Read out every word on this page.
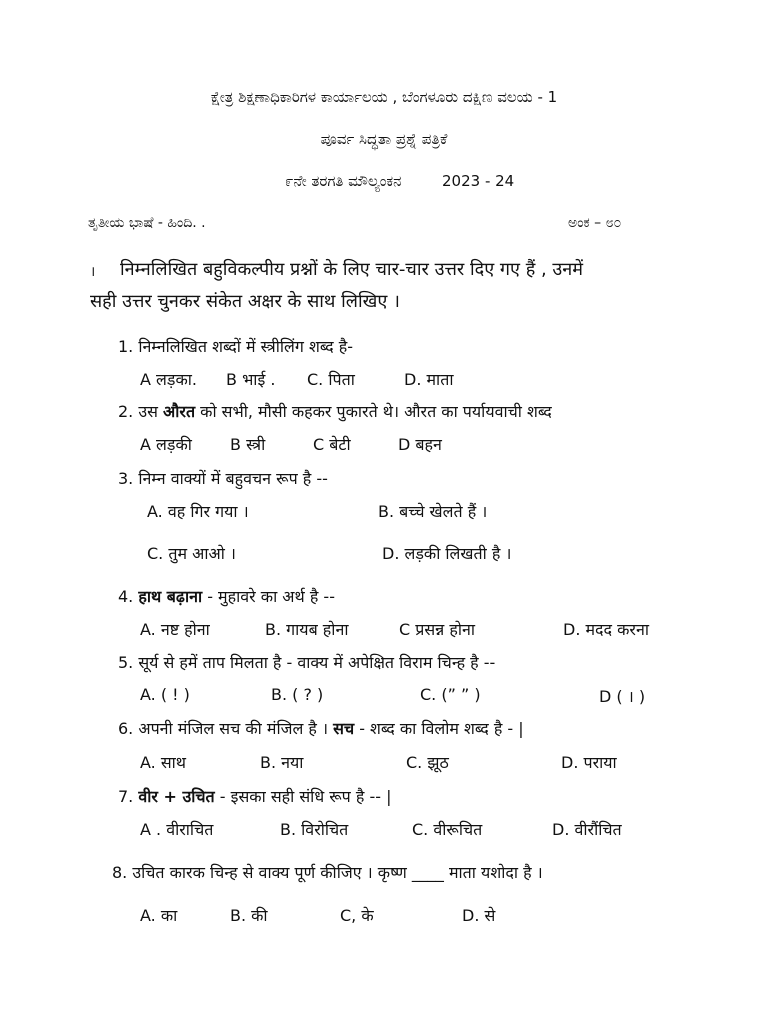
ಕ್ಷೇತ್ರ ಶಿಕ್ಷಣಾಧಿಕಾರಿಗಳ ಕಾರ್ಯಾಲಯ , ಬೆಂಗಳೂರು ದಕ್ಷಿಣ ವಲಯ - 1
ಪೂರ್ವ ಸಿದ್ಧತಾ ಪ್ರಶ್ನೆ ಪತ್ರಿಕೆ
೯ನೇ ತರಗತಿ ಮೌಲ್ಯಂಕನ	2023 - 24
ತೃತೀಯ ಭಾಷೆ - ಹಿಂದಿ. .	ಅಂಕ – ೮೦
। निम्नलिखित बहुविकल्पीय प्रश्नों के लिए चार-चार उत्तर दिए गए हैं , उनमें
सही उत्तर चुनकर संकेत अक्षर के साथ लिखिए ।
1. निम्नलिखित शब्दों में स्त्रीलिंग शब्द है-
A लड़का. B भाई . C. पिता	D. माता
2. उस औरत को सभी, मौसी कहकर पुकारते थे। औरत का पर्यायवाची शब्द
A लड़की B स्त्री	C बेटी	D बहन
3. निम्न वाक्यों में बहुवचन रूप है --
A. वह गिर गया ।	B. बच्चे खेलते हैं ।
C. तुम आओ ।	D. लड़की लिखती है ।
4. हाथ बढ़ाना - मुहावरे का अर्थ है --
A. नष्ट होना	B. गायब होना	C प्रसन्न होना	D. मदद करना
5. सूर्य से हमें ताप मिलता है - वाक्य में अपेक्षित विराम चिन्ह है --
A. ( ! )	B. ( ? )	C. (” ” )	D ( । )
6. अपनी मंजिल सच की मंजिल है । सच - शब्द का विलोम शब्द है - |
A. साथ	B. नया	C. झूठ	D. पराया
7. वीर + उचित - इसका सही संधि रूप है -- |
A . वीराचित	B. विरोचित	C. वीरूचित	D. वीरौंचित
8. उचित कारक चिन्ह से वाक्य पूर्ण कीजिए । कृष्ण ____ माता यशोदा है ।
A. का	B. की	C, के	D. से
